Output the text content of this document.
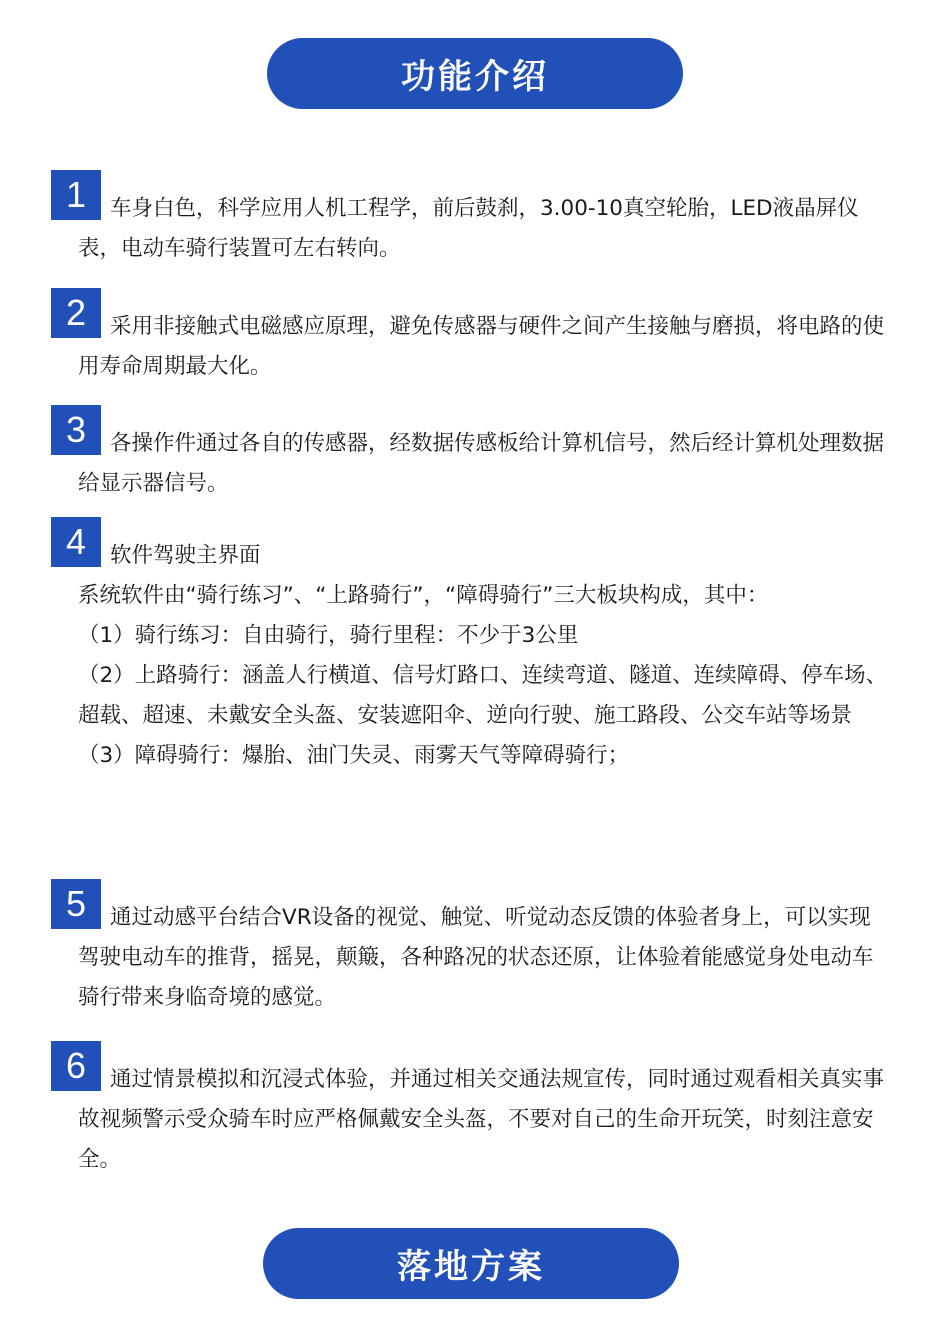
功能介绍
1	车身白色，科学应用人机工程学，前后鼓刹，3.00-10真空轮胎，LED液晶屏仪表，电动车骑行装置可左右转向。

2	采用非接触式电磁感应原理，避免传感器与硬件之间产生接触与磨损，将电路的使用寿命周期最大化。

3	各操作件通过各自的传感器，经数据传感板给计算机信号，然后经计算机处理数据给显示器信号。

4	软件驾驶主界面

系统软件由“骑行练习”、“上路骑行”，“障碍骑行”三大板块构成，其中：

（1）骑行练习：自由骑行，骑行里程：不少于3公里

（2）上路骑行：涵盖人行横道、信号灯路口、连续弯道、隧道、连续障碍、停车场、超载、超速、未戴安全头盔、安装遮阳伞、逆向行驶、施工路段、公交车站等场景

（3）障碍骑行：爆胎、油门失灵、雨雾天气等障碍骑行；

5	通过动感平台结合VR设备的视觉、触觉、听觉动态反馈的体验者身上，可以实现驾驶电动车的推背，摇晃，颠簸，各种路况的状态还原，让体验着能感觉身处电动车骑行带来身临奇境的感觉。

6	通过情景模拟和沉浸式体验，并通过相关交通法规宣传，同时通过观看相关真实事故视频警示受众骑车时应严格佩戴安全头盔，不要对自己的生命开玩笑，时刻注意安全。

落地方案
